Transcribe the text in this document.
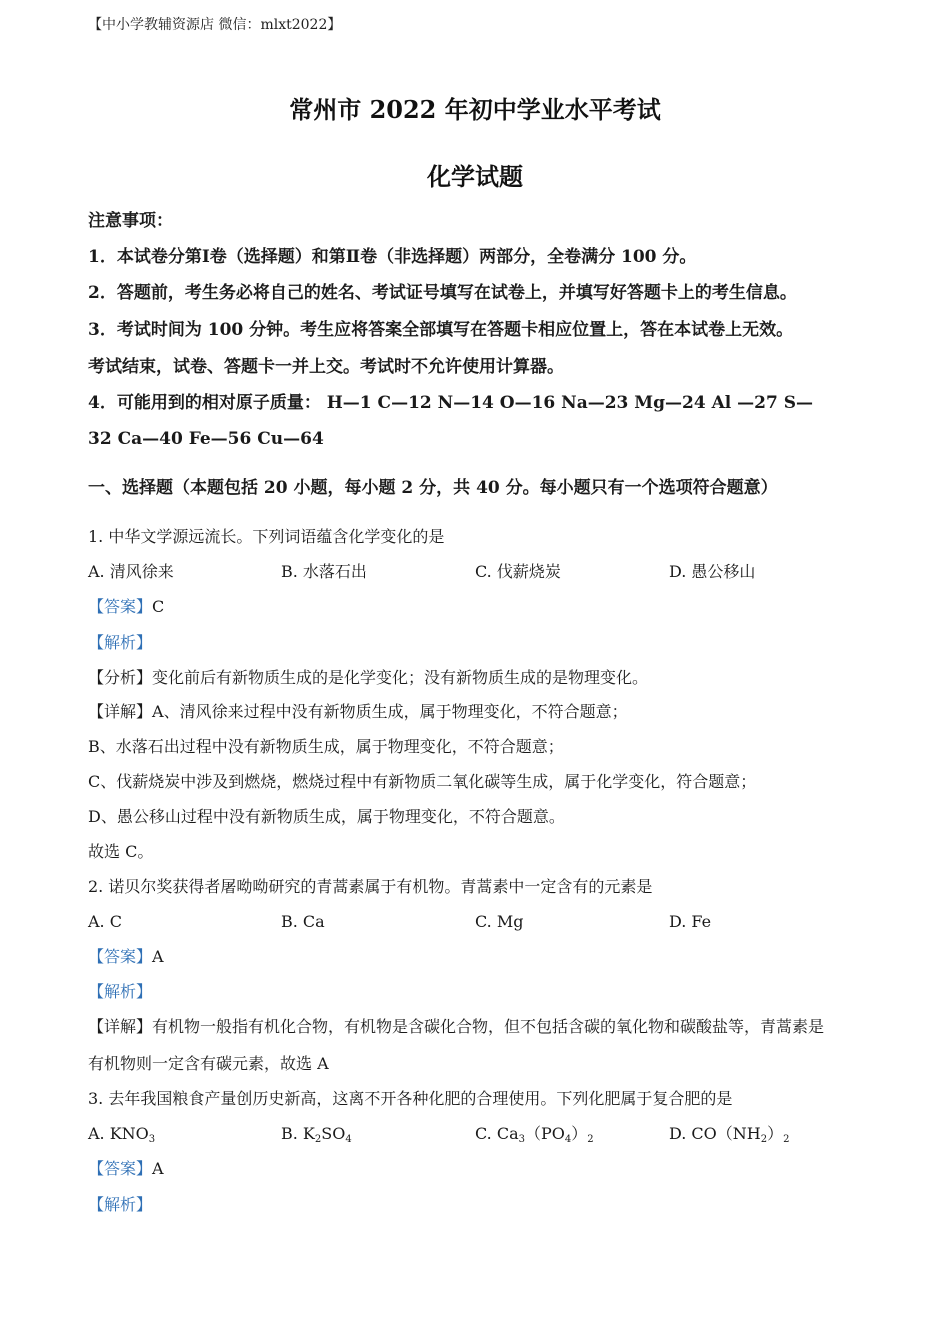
【中小学教辅资源店 微信：mlxt2022】
常州市 2022 年初中学业水平考试
化学试题
注意事项：
1．本试卷分第Ⅰ卷（选择题）和第Ⅱ卷（非选择题）两部分，全卷满分 100 分。
2．答题前，考生务必将自己的姓名、考试证号填写在试卷上，并填写好答题卡上的考生信息。
3．考试时间为 100 分钟。考生应将答案全部填写在答题卡相应位置上，答在本试卷上无效。
考试结束，试卷、答题卡一并上交。考试时不允许使用计算器。
4．可能用到的相对原子质量： H—1 C—12 N—14 O—16 Na—23 Mg—24 Al —27 S—
32 Ca—40 Fe—56 Cu—64
一、选择题（本题包括 20 小题，每小题 2 分，共 40 分。每小题只有一个选项符合题意）
1. 中华文学源远流长。下列词语蕴含化学变化的是
A. 清风徐来	B. 水落石出	C. 伐薪烧炭	D. 愚公移山
【答案】C
【解析】
【分析】变化前后有新物质生成的是化学变化；没有新物质生成的是物理变化。
【详解】A、清风徐来过程中没有新物质生成，属于物理变化，不符合题意；
B、水落石出过程中没有新物质生成，属于物理变化，不符合题意；
C、伐薪烧炭中涉及到燃烧，燃烧过程中有新物质二氧化碳等生成，属于化学变化，符合题意；
D、愚公移山过程中没有新物质生成，属于物理变化，不符合题意。
故选 C。
2. 诺贝尔奖获得者屠呦呦研究的青蒿素属于有机物。青蒿素中一定含有的元素是
A. C	B. Ca	C. Mg	D. Fe
【答案】A
【解析】
【详解】有机物一般指有机化合物，有机物是含碳化合物，但不包括含碳的氧化物和碳酸盐等，青蒿素是
有机物则一定含有碳元素，故选 A
3. 去年我国粮食产量创历史新高，这离不开各种化肥的合理使用。下列化肥属于复合肥的是
A. $KNO_3$	B. $K_2SO_4$	C. $Ca_3(PO_4)_2$	D. $CO(NH_2)_2$
【答案】A
【解析】
